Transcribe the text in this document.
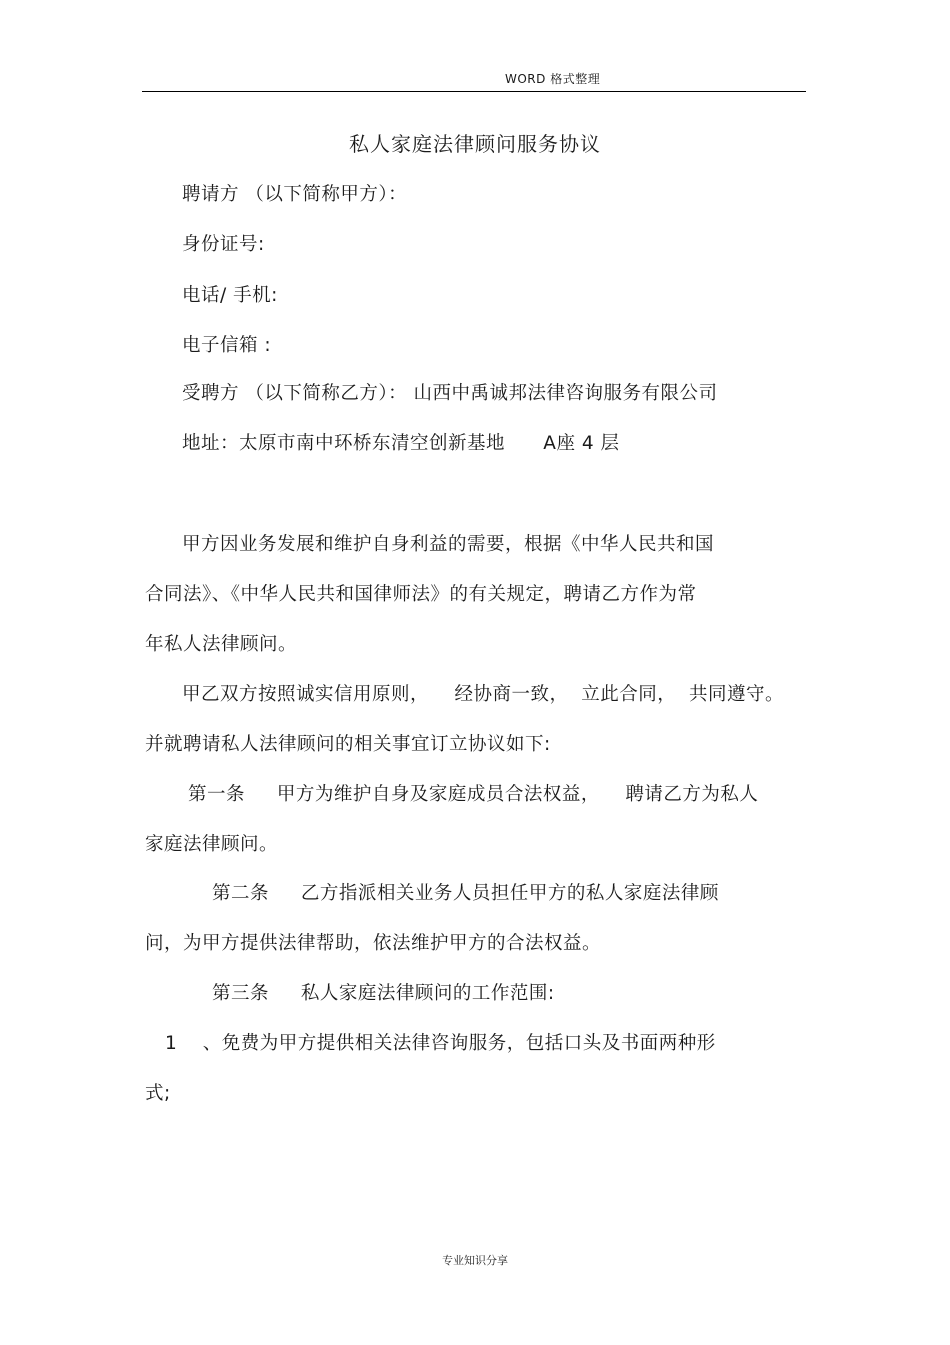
WORD 格式整理
私人家庭法律顾问服务协议
聘请方 （以下简称甲方）：
身份证号:
电话/ 手机:
电子信箱 :
受聘方 （以下简称乙方）： 山西中禹诚邦法律咨询服务有限公司
地址：太原市南中环桥东清空创新基地      A座 4 层
甲方因业务发展和维护自身利益的需要，根据《中华人民共和国
合同法》、《中华人民共和国律师法》的有关规定，聘请乙方作为常
年私人法律顾问。
甲乙双方按照诚实信用原则，    经协商一致，  立此合同，  共同遵守。
并就聘请私人法律顾问的相关事宜订立协议如下:
第一条     甲方为维护自身及家庭成员合法权益，    聘请乙方为私人
家庭法律顾问。
第二条     乙方指派相关业务人员担任甲方的私人家庭法律顾
问，为甲方提供法律帮助，依法维护甲方的合法权益。
第三条     私人家庭法律顾问的工作范围:
1    、免费为甲方提供相关法律咨询服务，包括口头及书面两种形
式;
专业知识分享
